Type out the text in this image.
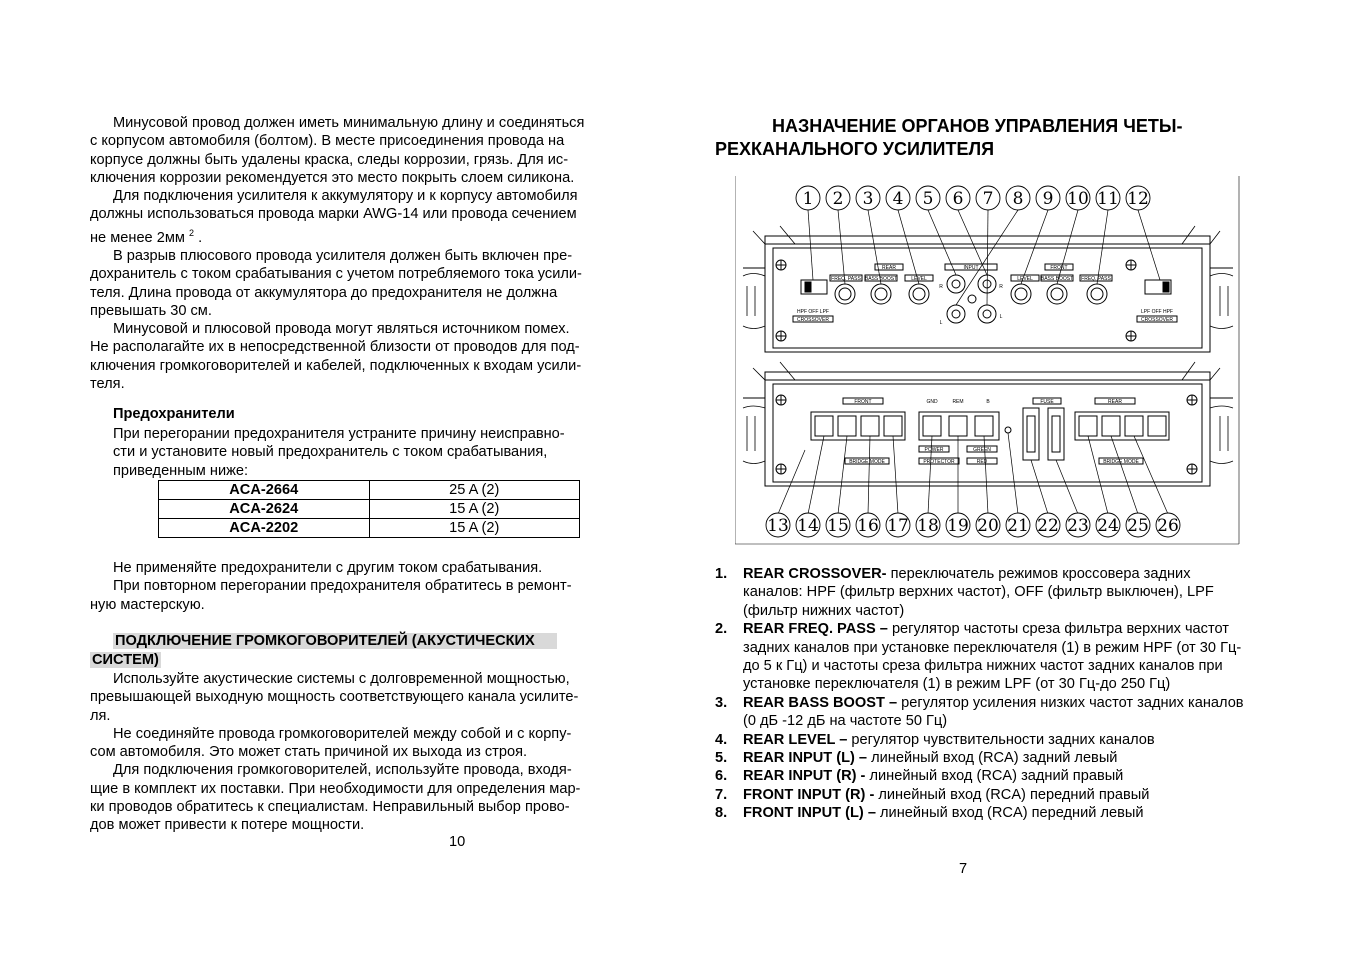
Минусовой провод должен иметь минимальную длину и соединяться

с корпусом автомобиля (болтом). В месте присоединения провода на

корпусе должны быть удалены краска, следы коррозии, грязь. Для ис-

ключения коррозии рекомендуется это место покрыть слоем силикона.

Для подключения усилителя к аккумулятору и к корпусу автомобиля

должны использоваться провода марки AWG-14 или провода сечением

не менее 2мм $^2$ .

В разрыв плюсового провода усилителя должен быть включен пре-

дохранитель с током срабатывания с учетом потребляемого тока усили-

теля. Длина провода от аккумулятора до предохранителя не должна

превышать 30 см.

Минусовой и плюсовой провода могут являться источником помех.

Не располагайте их в непосредственной близости от проводов для под-

ключения громкоговорителей и кабелей, подключенных к входам усили-

теля.

Предохранители

При перегорании предохранителя устраните причину неисправно-

сти и установите новый предохранитель с током срабатывания,

приведенным ниже:

ACA-2664	25 A (2)
ACA-2624	15 A (2)
ACA-2202	15 A (2)

Не применяйте предохранители с другим током срабатывания.

При повторном перегорании предохранителя обратитесь в ремонт-

ную мастерскую.

ПОДКЛЮЧЕНИЕ ГРОМКОГОВОРИТЕЛЕЙ (АКУСТИЧЕСКИХ
СИСТЕМ)

Используйте акустические системы с долговременной мощностью,

превышающей выходную мощность соответствующего канала усилите-

ля.

Не соединяйте провода громкоговорителей между собой и с корпу-

сом автомобиля. Это может стать причиной их выхода из строя.

Для подключения громкоговорителей, используйте провода, входя-

щие в комплект их поставки. При необходимости для определения мар-

ки проводов обратитесь к специалистам. Неправильный выбор прово-

дов может привести к потере мощности.

10

НАЗНАЧЕНИЕ ОРГАНОВ УПРАВЛЕНИЯ ЧЕТЫ-

РЕХКАНАЛЬНОГО УСИЛИТЕЛЯ

REAR	INPUT	FRONT
FREQ. PASS BASS BOOST	LEVEL	LEVEL BASS BOOST FREQ. PASS
HPF OFF LPF	LPF OFF HPF
CROSSOVER	CROSSOVER
R	R
L
L
FRONT	REAR
GND	REM	B	FUSE
BRIDGE MODE	BRIDGE MODE
POWER
PROTECTOR
GREEN
RED
1 2 3 4 5 6 7 8 9 10 11 12
13 14 15 16 17 18 19 20 21 22 23 24 25 26
1. REAR CROSSOVER- переключатель режимов кроссовера задних каналов: HPF (фильтр верхних частот), OFF (фильтр выключен), LPF (фильтр нижних частот)
2. REAR FREQ. PASS – регулятор частоты среза фильтра верхних частот задних каналов при установке переключателя (1) в режим HPF (от 30 Гц-до 5 к Гц) и частоты среза фильтра нижних частот задних каналов при установке переключателя (1) в режим LPF (от 30 Гц-до 250 Гц)
3. REAR BASS BOOST – регулятор усиления низких частот задних каналов (0 дБ -12 дБ на частоте 50 Гц)
4. REAR LEVEL – регулятор чувствительности задних каналов
5. REAR INPUT (L) – линейный вход (RCA) задний левый
6. REAR INPUT (R) - линейный вход (RCA) задний правый
7. FRONT INPUT (R) - линейный вход (RCA) передний правый
8. FRONT INPUT (L) – линейный вход (RCA) передний левый
7
